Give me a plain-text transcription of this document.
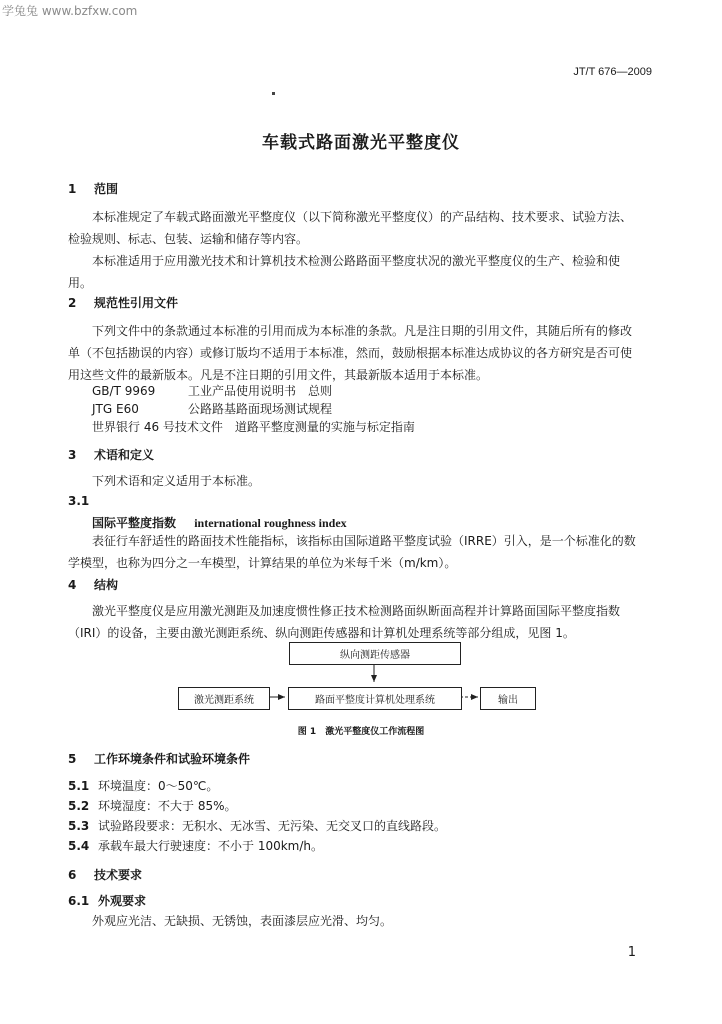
学兔兔 www.bzfxw.com
JT/T 676—2009
车载式路面激光平整度仪
1 范围
本标准规定了车载式路面激光平整度仪（以下简称激光平整度仪）的产品结构、技术要求、试验方法、检验规则、标志、包装、运输和储存等内容。
本标准适用于应用激光技术和计算机技术检测公路路面平整度状况的激光平整度仪的生产、检验和使用。
2 规范性引用文件
下列文件中的条款通过本标准的引用而成为本标准的条款。凡是注日期的引用文件，其随后所有的修改单（不包括勘误的内容）或修订版均不适用于本标准，然而，鼓励根据本标准达成协议的各方研究是否可使用这些文件的最新版本。凡是不注日期的引用文件，其最新版本适用于本标准。
GB/T 9969	工业产品使用说明书　总则
JTG E60	公路路基路面现场测试规程
世界银行 46 号技术文件　道路平整度测量的实施与标定指南
3 术语和定义
下列术语和定义适用于本标准。
3.1
国际平整度指数 international roughness index
表征行车舒适性的路面技术性能指标，该指标由国际道路平整度试验（IRRE）引入，是一个标准化的数学模型，也称为四分之一车模型，计算结果的单位为米每千米（m/km）。
4 结构
激光平整度仪是应用激光测距及加速度惯性修正技术检测路面纵断面高程并计算路面国际平整度指数（IRI）的设备，主要由激光测距系统、纵向测距传感器和计算机处理系统等部分组成，见图 1。
纵向测距传感器
激光测距系统	路面平整度计算机处理系统	输出
图 1　激光平整度仪工作流程图
5 工作环境条件和试验环境条件
5.1 环境温度：0～50℃。
5.2 环境湿度：不大于 85%。
5.3 试验路段要求：无积水、无冰雪、无污染、无交叉口的直线路段。
5.4 承载车最大行驶速度：不小于 100km/h。
6 技术要求
6.1 外观要求
外观应光洁、无缺损、无锈蚀，表面漆层应光滑、均匀。
1
